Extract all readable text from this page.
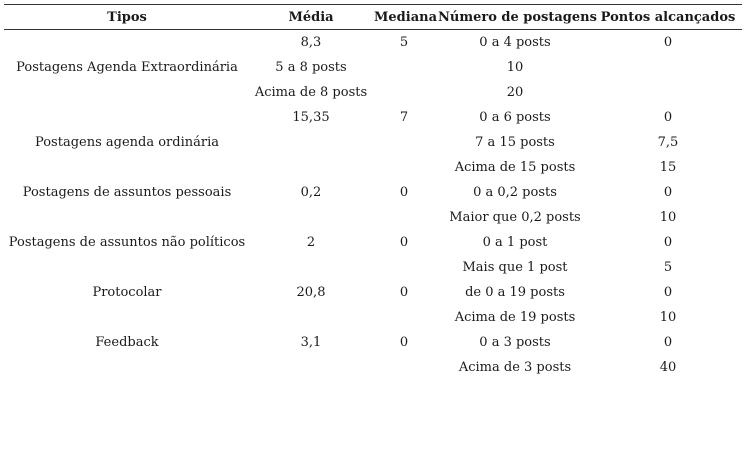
Tipos	Média	Mediana	Número de postagens	Pontos alcançados
	8,3	5	0 a 4 posts	0
Postagens Agenda Extraordinária	5 a 8 posts		10	
	Acima de 8 posts		20	
	15,35	7	0 a 6 posts	0
Postagens agenda ordinária			7 a 15 posts	7,5
			Acima de 15 posts	15
Postagens de assuntos pessoais	0,2	0	0 a 0,2 posts	0
			Maior que 0,2 posts	10
Postagens de assuntos não políticos	2	0	0 a 1 post	0
			Mais que 1 post	5
Protocolar	20,8	0	de 0 a 19 posts	0
			Acima de 19 posts	10
Feedback	3,1	0	0 a 3 posts	0
			Acima de 3 posts	40
